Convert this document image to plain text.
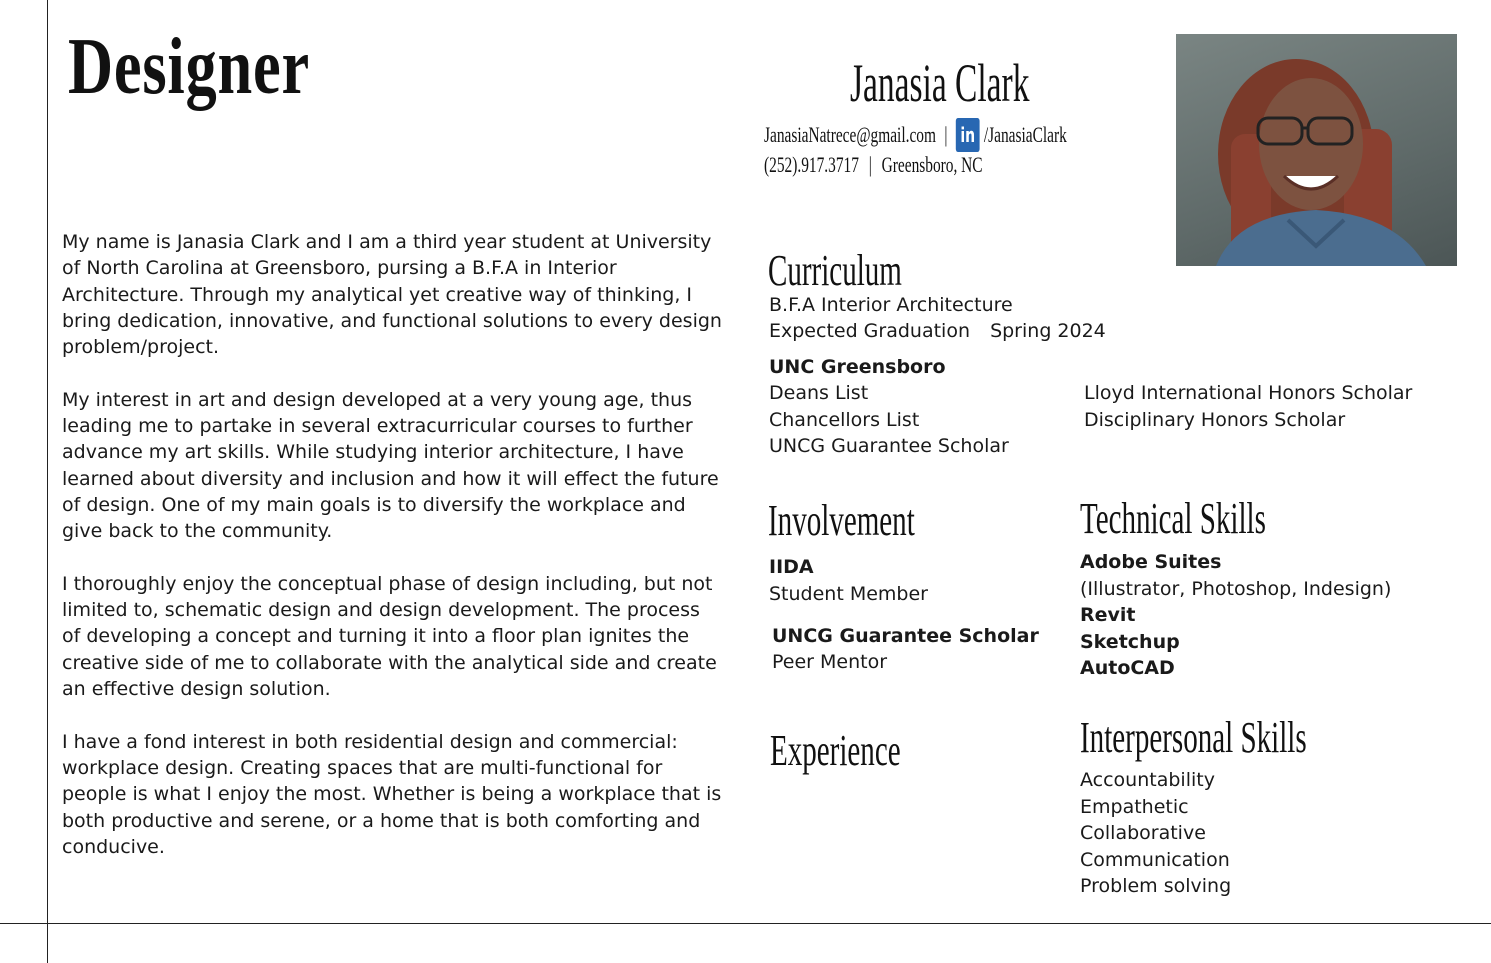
Designer	Janasia Clark
JanasiaNatrece@gmail.com | in /JanasiaClark
(252).917.3717 | Greensboro, NC

My name is Janasia Clark and I am a third year student at University of North Carolina at Greensboro, pursing a B.F.A in Interior Architecture. Through my analytical yet creative way of thinking, I bring dedication, innovative, and functional solutions to every design problem/project.

My interest in art and design developed at a very young age, thus leading me to partake in several extracurricular courses to further advance my art skills. While studying interior architecture, I have learned about diversity and inclusion and how it will effect the future of design. One of my main goals is to diversify the workplace and give back to the community.

I thoroughly enjoy the conceptual phase of design including, but not limited to, schematic design and design development. The process of developing a concept and turning it into a floor plan ignites the creative side of me to collaborate with the analytical side and create an effective design solution.

I have a fond interest in both residential design and commercial: workplace design. Creating spaces that are multi-functional for people is what I enjoy the most. Whether is being a workplace that is both productive and serene, or a home that is both comforting and conducive.

Curriculum
B.F.A Interior Architecture
Expected Graduation Spring 2024
UNC Greensboro
Deans List
Chancellors List
UNCG Guarantee Scholar
Lloyd International Honors Scholar
Disciplinary Honors Scholar
Involvement
IIDA
Student Member
UNCG Guarantee Scholar
Peer Mentor
Experience
Technical Skills
Adobe Suites
(Illustrator, Photoshop, Indesign)
Revit
Sketchup
AutoCAD
Interpersonal Skills
Accountability
Empathetic
Collaborative
Communication
Problem solving
